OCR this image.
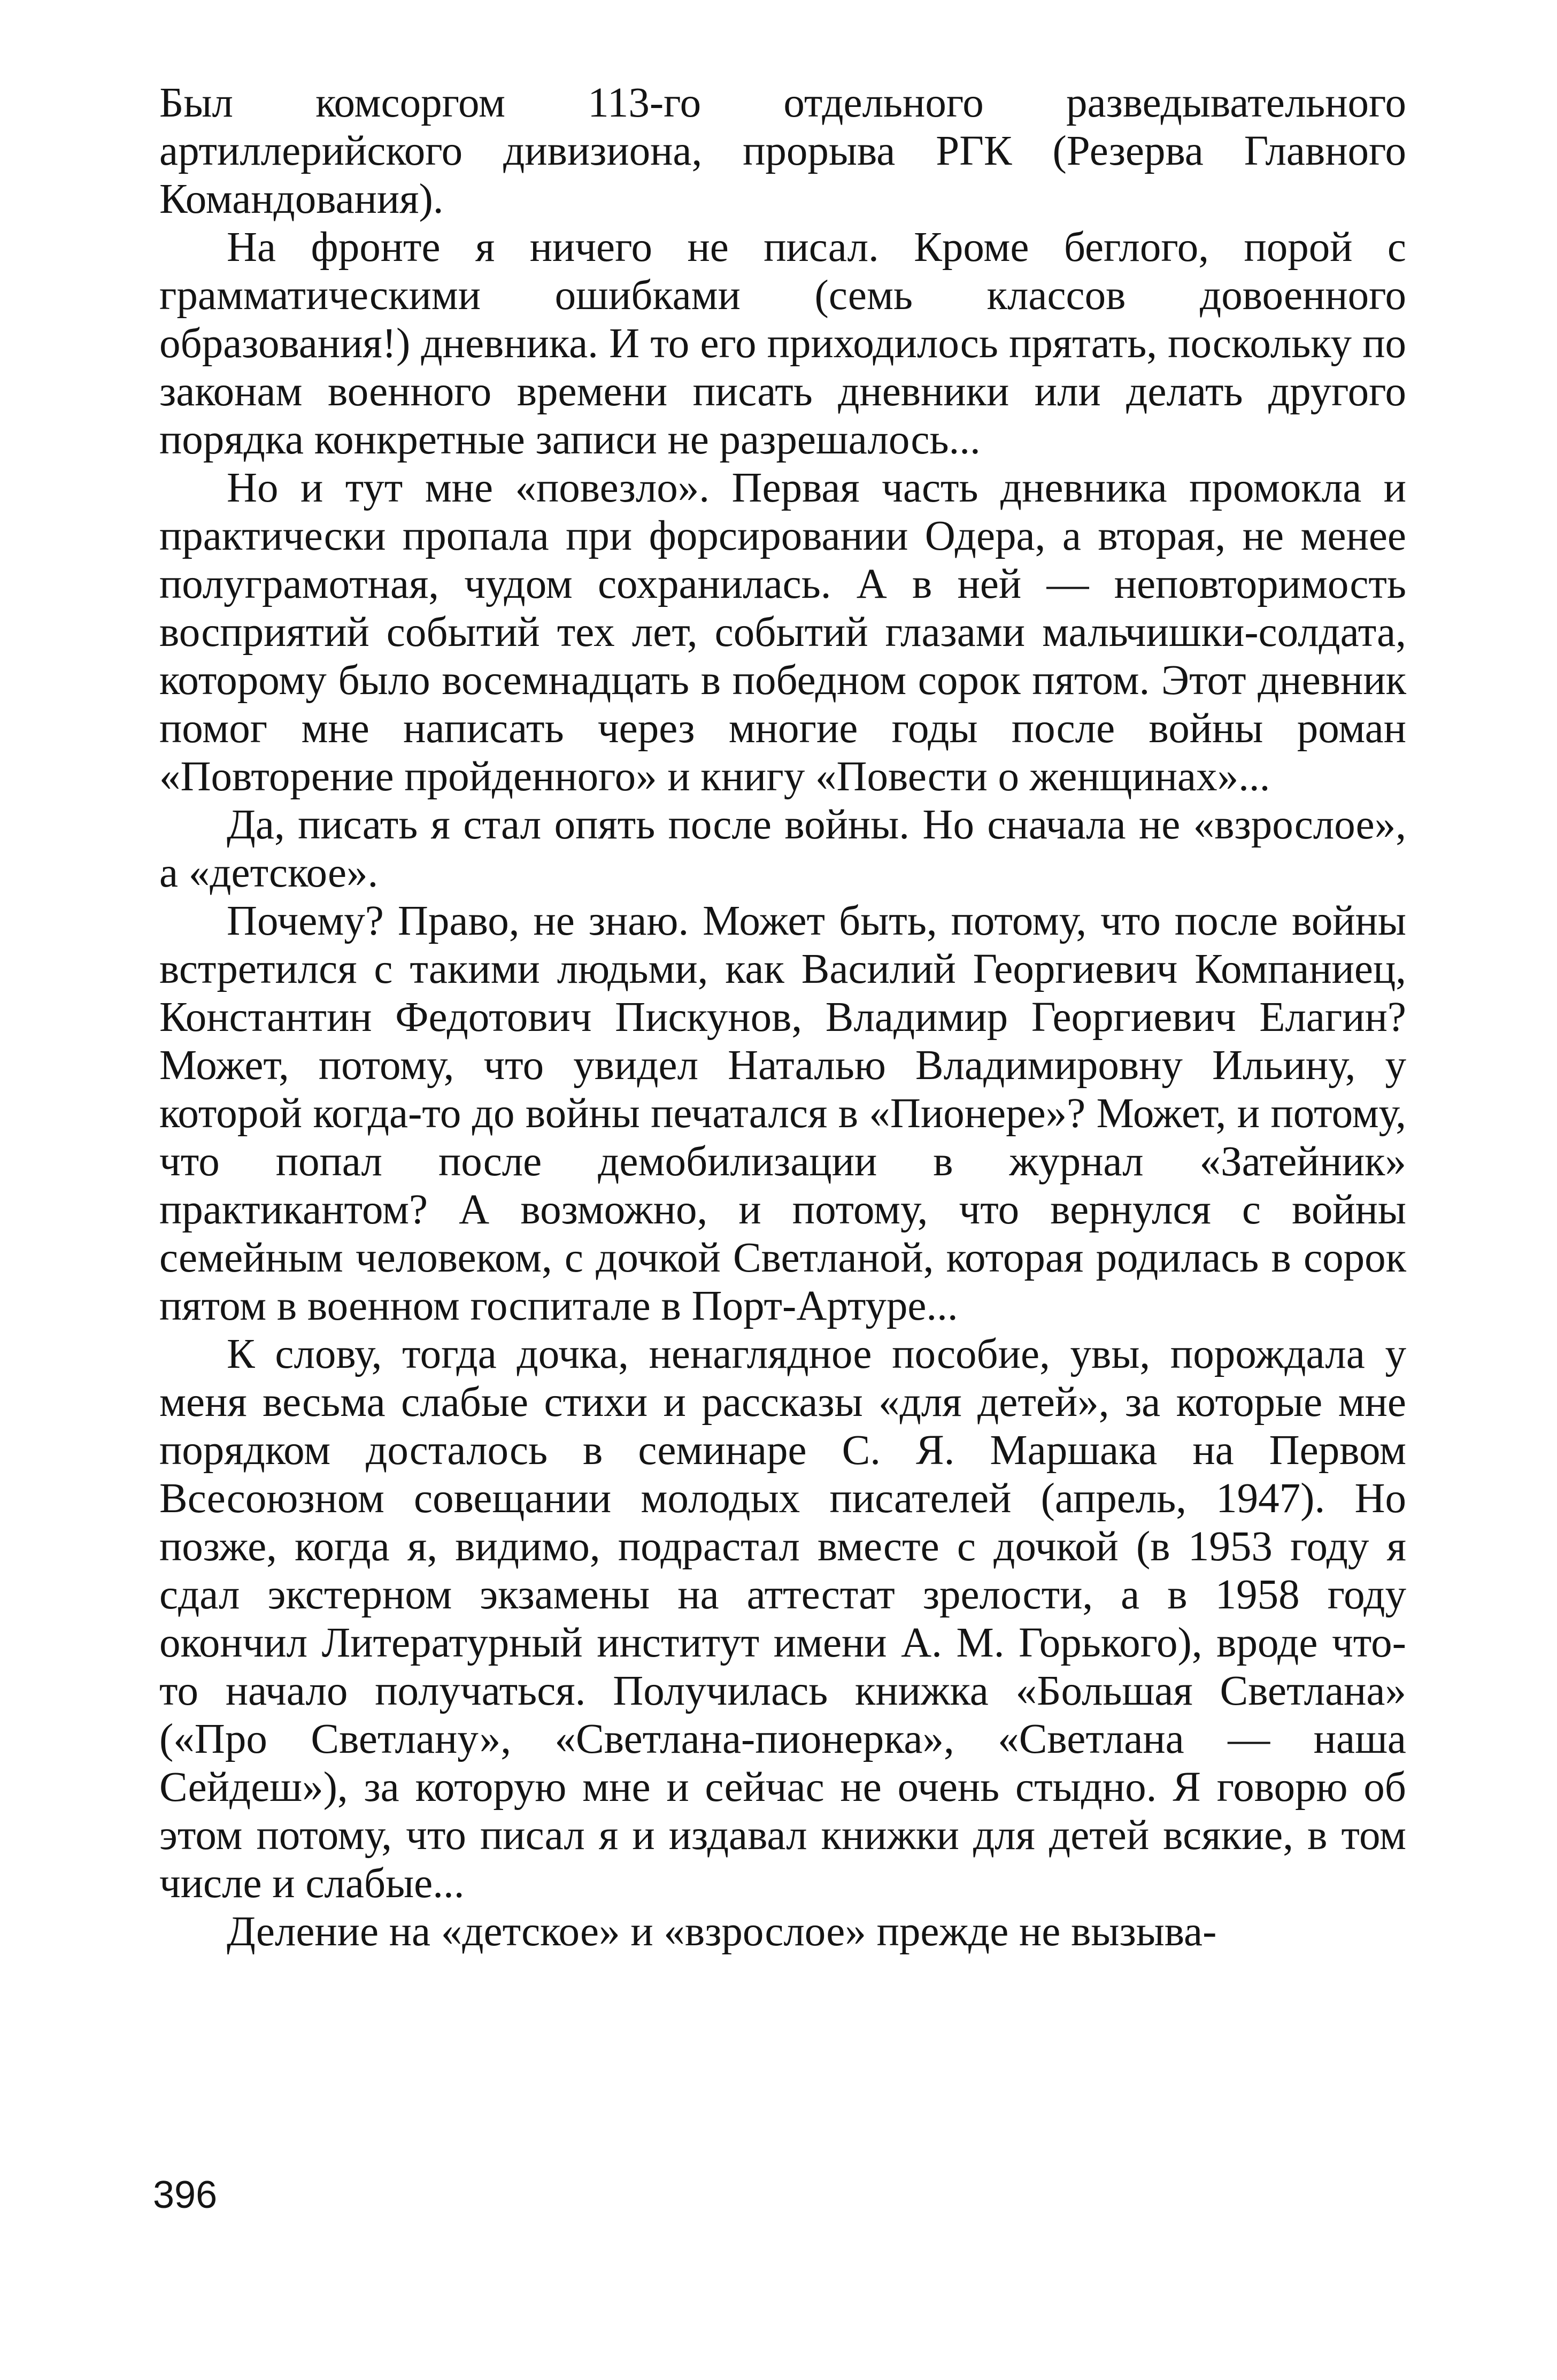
Был комсоргом 113-го отдельного разведывательного артиллерийского дивизиона, прорыва РГК (Резерва Главного Командования).

На фронте я ничего не писал. Кроме беглого, порой с грамматическими ошибками (семь классов довоенного образования!) дневника. И то его приходилось прятать, поскольку по законам военного времени писать дневники или делать другого порядка конкретные записи не разрешалось...

Но и тут мне «повезло». Первая часть дневника промокла и практически пропала при форсировании Одера, а вторая, не менее полуграмотная, чудом сохранилась. А в ней — неповторимость восприятий событий тех лет, событий глазами мальчишки-солдата, которому было восемнадцать в победном сорок пятом. Этот дневник помог мне написать через многие годы после войны роман «Повторение пройденного» и книгу «Повести о женщинах»...

Да, писать я стал опять после войны. Но сначала не «взрослое», а «детское».

Почему? Право, не знаю. Может быть, потому, что после войны встретился с такими людьми, как Василий Георгиевич Компаниец, Константин Федотович Пискунов, Владимир Георгиевич Елагин? Может, потому, что увидел Наталью Владимировну Ильину, у которой когда-то до войны печатался в «Пионере»? Может, и потому, что попал после демобилизации в журнал «Затейник» практикантом? А возможно, и потому, что вернулся с войны семейным человеком, с дочкой Светланой, которая родилась в сорок пятом в военном госпитале в Порт-Артуре...

К слову, тогда дочка, ненаглядное пособие, увы, порождала у меня весьма слабые стихи и рассказы «для детей», за которые мне порядком досталось в семинаре С. Я. Маршака на Первом Всесоюзном совещании молодых писателей (апрель, 1947). Но позже, когда я, видимо, подрастал вместе с дочкой (в 1953 году я сдал экстерном экзамены на аттестат зрелости, а в 1958 году окончил Литературный институт имени А. М. Горького), вроде что-то начало получаться. Получилась книжка «Большая Светлана» («Про Светлану», «Светлана-пионерка», «Светлана — наша Сейдеш»), за которую мне и сейчас не очень стыдно. Я говорю об этом потому, что писал я и издавал книжки для детей всякие, в том числе и слабые...

Деление на «детское» и «взрослое» прежде не вызыва-

396
